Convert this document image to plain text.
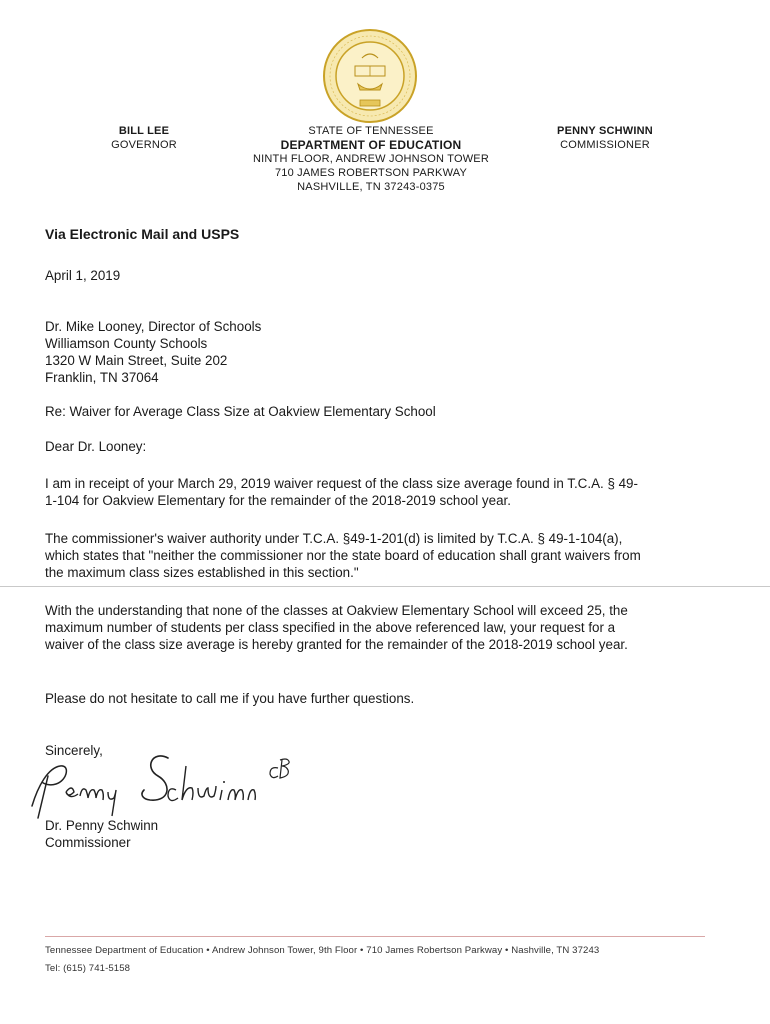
BILL LEE
GOVERNOR
STATE OF TENNESSEE
DEPARTMENT OF EDUCATION
NINTH FLOOR, ANDREW JOHNSON TOWER
710 JAMES ROBERTSON PARKWAY
NASHVILLE, TN 37243-0375
PENNY SCHWINN
COMMISSIONER
Via Electronic Mail and USPS
April 1, 2019
Dr. Mike Looney, Director of Schools
Williamson County Schools
1320 W Main Street, Suite 202
Franklin, TN 37064
Re: Waiver for Average Class Size at Oakview Elementary School
Dear Dr. Looney:
I am in receipt of your March 29, 2019 waiver request of the class size average found in T.C.A. § 49-
1-104 for Oakview Elementary for the remainder of the 2018-2019 school year.
The commissioner's waiver authority under T.C.A. §49-1-201(d) is limited by T.C.A. § 49-1-104(a),
which states that "neither the commissioner nor the state board of education shall grant waivers from
the maximum class sizes established in this section."
With the understanding that none of the classes at Oakview Elementary School will exceed 25, the
maximum number of students per class specified in the above referenced law, your request for a
waiver of the class size average is hereby granted for the remainder of the 2018-2019 school year.
Please do not hesitate to call me if you have further questions.
Sincerely,
Dr. Penny Schwinn
Commissioner
Tennessee Department of Education • Andrew Johnson Tower, 9th Floor • 710 James Robertson Parkway • Nashville, TN 37243
Tel: (615) 741-5158
